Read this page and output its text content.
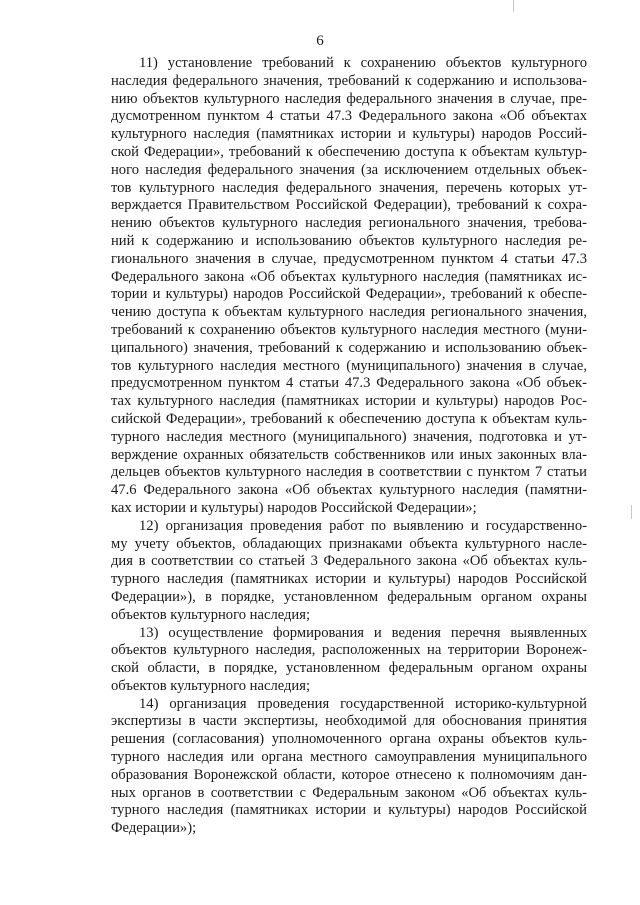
6
11) установление требований к сохранению объектов культурного
наследия федерального значения, требований к содержанию и использова-
нию объектов культурного наследия федерального значения в случае, пре-
дусмотренном пунктом 4 статьи 47.3 Федерального закона «Об объектах
культурного наследия (памятниках истории и культуры) народов Россий-
ской Федерации», требований к обеспечению доступа к объектам культур-
ного наследия федерального значения (за исключением отдельных объек-
тов культурного наследия федерального значения, перечень которых ут-
верждается Правительством Российской Федерации), требований к сохра-
нению объектов культурного наследия регионального значения, требова-
ний к содержанию и использованию объектов культурного наследия ре-
гионального значения в случае, предусмотренном пунктом 4 статьи 47.3
Федерального закона «Об объектах культурного наследия (памятниках ис-
тории и культуры) народов Российской Федерации», требований к обеспе-
чению доступа к объектам культурного наследия регионального значения,
требований к сохранению объектов культурного наследия местного (муни-
ципального) значения, требований к содержанию и использованию объек-
тов культурного наследия местного (муниципального) значения в случае,
предусмотренном пунктом 4 статьи 47.3 Федерального закона «Об объек-
тах культурного наследия (памятниках истории и культуры) народов Рос-
сийской Федерации», требований к обеспечению доступа к объектам куль-
турного наследия местного (муниципального) значения, подготовка и ут-
верждение охранных обязательств собственников или иных законных вла-
дельцев объектов культурного наследия в соответствии с пунктом 7 статьи
47.6 Федерального закона «Об объектах культурного наследия (памятни-
ках истории и культуры) народов Российской Федерации»;
12) организация проведения работ по выявлению и государственно-
му учету объектов, обладающих признаками объекта культурного насле-
дия в соответствии со статьей 3 Федерального закона «Об объектах куль-
турного наследия (памятниках истории и культуры) народов Российской
Федерации»), в порядке, установленном федеральным органом охраны
объектов культурного наследия;
13) осуществление формирования и ведения перечня выявленных
объектов культурного наследия, расположенных на территории Воронеж-
ской области, в порядке, установленном федеральным органом охраны
объектов культурного наследия;
14) организация проведения государственной историко-культурной
экспертизы в части экспертизы, необходимой для обоснования принятия
решения (согласования) уполномоченного органа охраны объектов куль-
турного наследия или органа местного самоуправления муниципального
образования Воронежской области, которое отнесено к полномочиям дан-
ных органов в соответствии с Федеральным законом «Об объектах куль-
турного наследия (памятниках истории и культуры) народов Российской
Федерации»);
